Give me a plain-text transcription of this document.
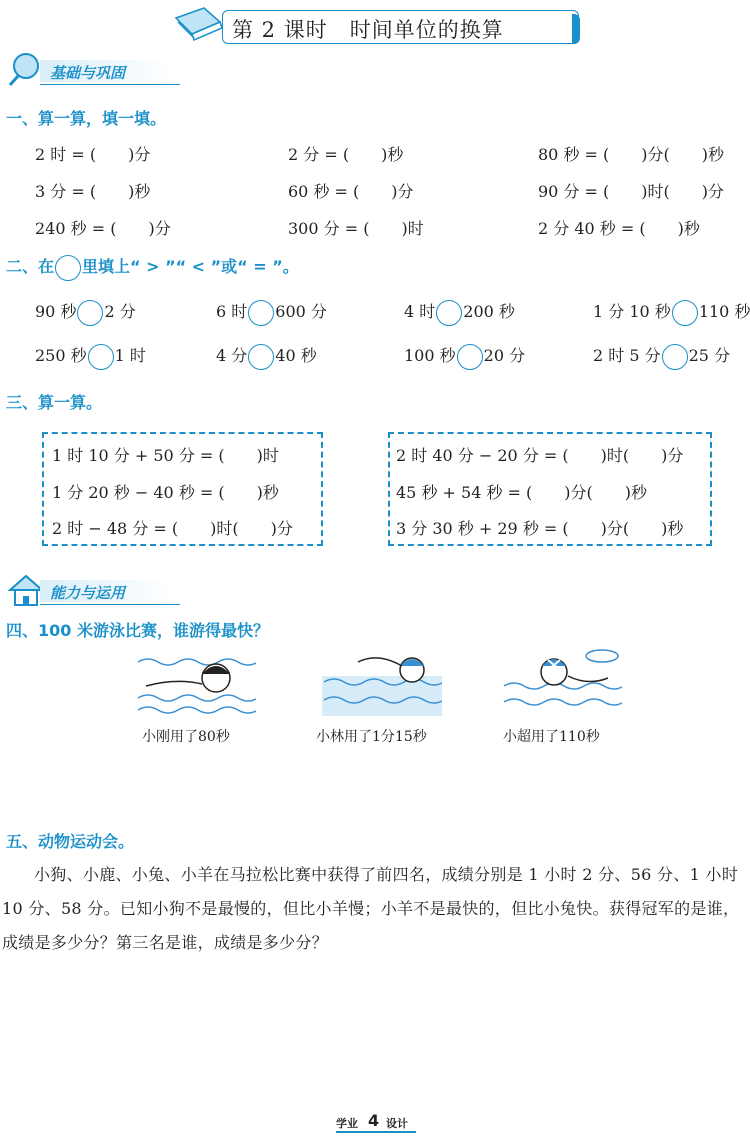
第 2 课时　时间单位的换算
基础与巩固
一、算一算，填一填。
2 时 = (　　)分	2 分 = (　　)秒	80 秒 = (　　)分(　　)秒
3 分 = (　　)秒	60 秒 = (　　)分	90 分 = (　　)时(　　)分
240 秒 = (　　)分	300 分 = (　　)时	2 分 40 秒 = (　　)秒
二、在 里填上“ > ”“ < ”或“ = ”。
90 秒 2 分	6 时 600 分	4 时 200 秒	1 分 10 秒 110 秒
250 秒 1 时	4 分 40 秒	100 秒 20 分	2 时 5 分 25 分
三、算一算。
1 时 10 分 + 50 分 = (　　)时
1 分 20 秒 − 40 秒 = (　　)秒
2 时 − 48 分 = (　　)时(　　)分
2 时 40 分 − 20 分 = (　　)时(　　)分
45 秒 + 54 秒 = (　　)分(　　)秒
3 分 30 秒 + 29 秒 = (　　)分(　　)秒
能力与运用
四、100 米游泳比赛，谁游得最快？
小刚用了80秒	小林用了1分15秒	小超用了110秒
五、动物运动会。
小狗、小鹿、小兔、小羊在马拉松比赛中获得了前四名，成绩分别是 1 小时 2 分、56 分、1 小时 10 分、58 分。已知小狗不是最慢的，但比小羊慢；小羊不是最快的，但比小兔快。获得冠军的是谁，成绩是多少分？第三名是谁，成绩是多少分？
学业 4 设计
